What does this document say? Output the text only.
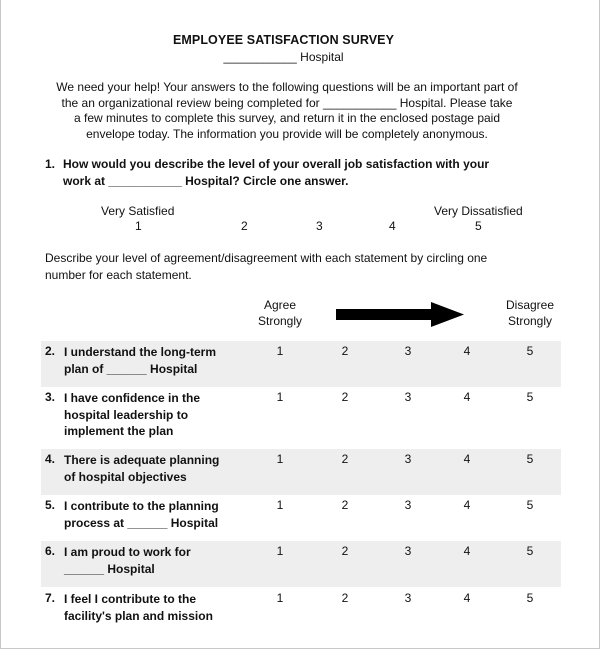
EMPLOYEE SATISFACTION SURVEY
___________ Hospital
We need your help! Your answers to the following questions will be an important part of
the an organizational review being completed for ___________ Hospital. Please take
a few minutes to complete this survey, and return it in the enclosed postage paid
envelope today. The information you provide will be completely anonymous.
1. How would you describe the level of your overall job satisfaction with your
work at ___________ Hospital? Circle one answer.
Very Satisfied	Very Dissatisfied
1	2	3	4	5
Describe your level of agreement/disagreement with each statement by circling one
number for each statement.
Agree
Strongly
Disagree
Strongly
2. I understand the long-term
plan of ______ Hospital
1	2	3	4	5
3. I have confidence in the
hospital leadership to
implement the plan
1	2	3	4	5
4. There is adequate planning
of hospital objectives
1	2	3	4	5
5. I contribute to the planning
process at ______ Hospital
1	2	3	4	5
6. I am proud to work for
______ Hospital
1	2	3	4	5
7. I feel I contribute to the
facility's plan and mission
1	2	3	4	5
